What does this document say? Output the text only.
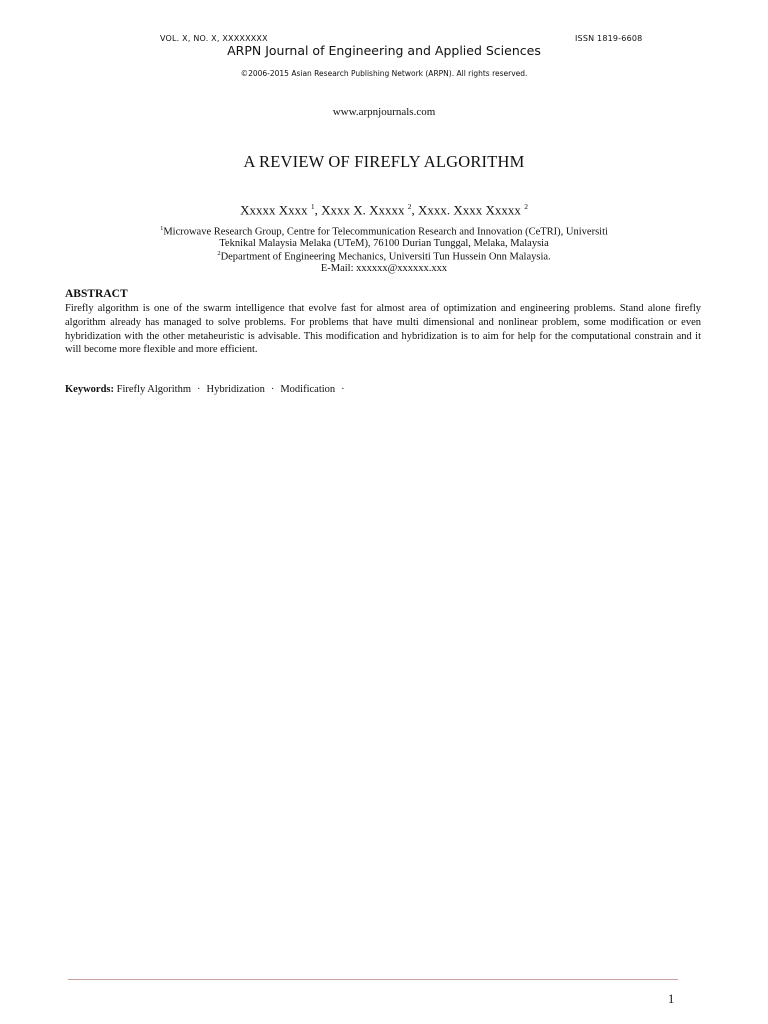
VOL. X, NO. X, XXXXXXXX	ISSN 1819-6608
ARPN Journal of Engineering and Applied Sciences
©2006-2015 Asian Research Publishing Network (ARPN). All rights reserved.
www.arpnjournals.com
A REVIEW OF FIREFLY ALGORITHM
Xxxxx Xxxx $^1$, Xxxx X. Xxxxx $^2$, Xxxx. Xxxx Xxxxx $^2$
$^1$Microwave Research Group, Centre for Telecommunication Research and Innovation (CeTRI), Universiti
Teknikal Malaysia Melaka (UTeM), 76100 Durian Tunggal, Melaka, Malaysia
$^2$Department of Engineering Mechanics, Universiti Tun Hussein Onn Malaysia.
E-Mail: xxxxxx@xxxxxx.xxx
ABSTRACT
Firefly algorithm is one of the swarm intelligence that evolve fast for almost area of optimization and engineering problems. Stand alone firefly algorithm already has managed to solve problems. For problems that have multi dimensional and nonlinear problem, some modification or even hybridization with the other metaheuristic is advisable. This modification and hybridization is to aim for help for the computational constrain and it will become more flexible and more efficient.
Keywords: Firefly Algorithm · Hybridization · Modification ·
1
